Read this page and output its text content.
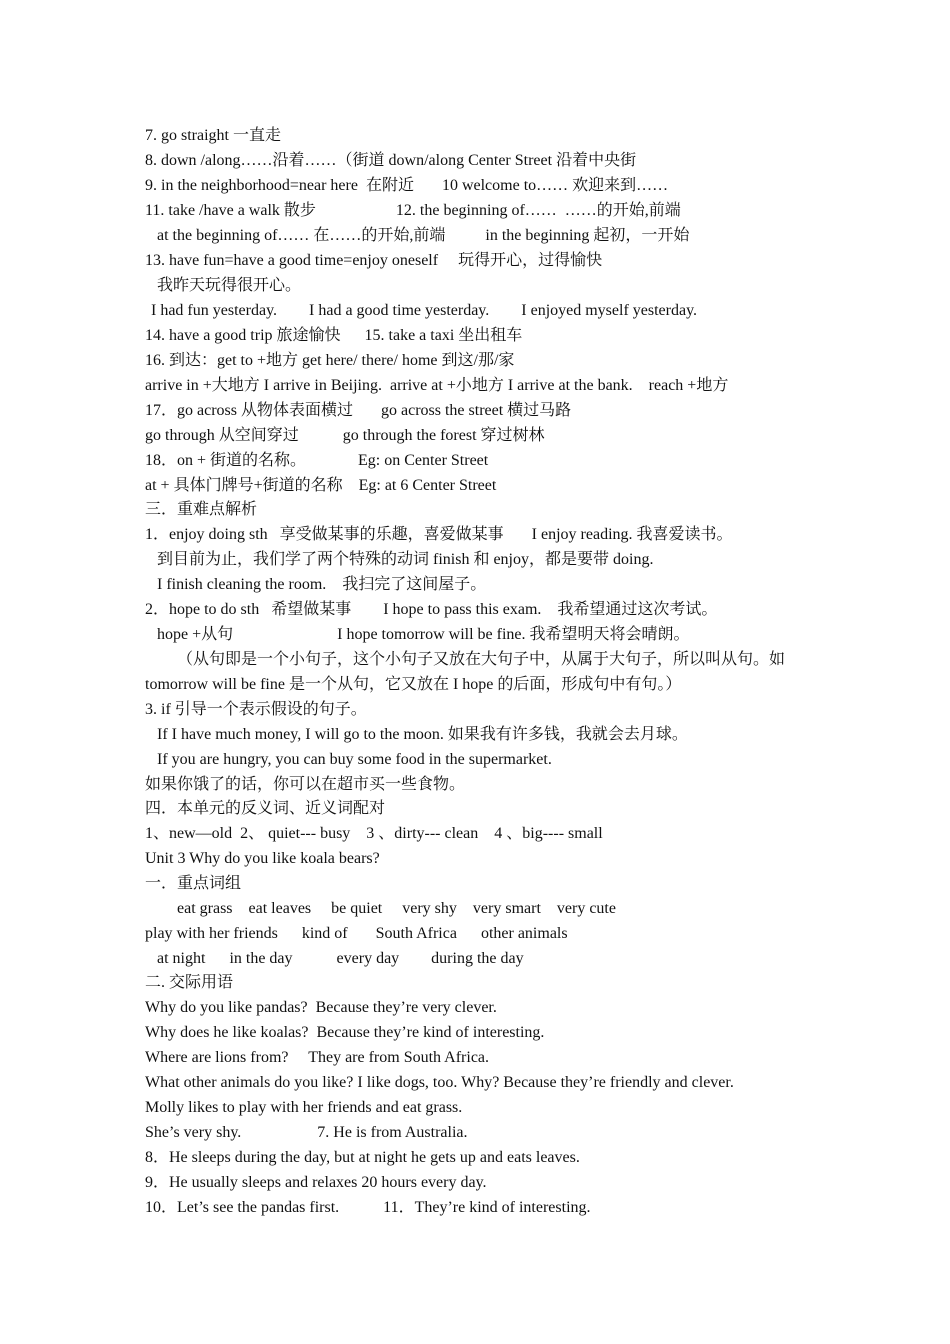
7. go straight 一直走
8. down /along……沿着……（街道 down/along Center Street 沿着中央街
9. in the neighborhood=near here  在附近       10 welcome to…… 欢迎来到……
11. take /have a walk 散步                    12. the beginning of……  ……的开始,前端
at the beginning of…… 在……的开始,前端          in the beginning 起初，一开始
13. have fun=have a good time=enjoy oneself     玩得开心，过得愉快
我昨天玩得很开心。
I had fun yesterday.        I had a good time yesterday.        I enjoyed myself yesterday.
14. have a good trip 旅途愉快      15. take a taxi 坐出租车
16. 到达：get to +地方 get here/ there/ home 到这/那/家
arrive in +大地方 I arrive in Beijing.  arrive at +小地方 I arrive at the bank.    reach +地方
17．go across 从物体表面横过       go across the street 横过马路
go through 从空间穿过           go through the forest 穿过树林
18．on + 街道的名称。             Eg: on Center Street
at + 具体门牌号+街道的名称    Eg: at 6 Center Street
三．重难点解析
1．enjoy doing sth   享受做某事的乐趣，喜爱做某事       I enjoy reading. 我喜爱读书。
到目前为止，我们学了两个特殊的动词 finish 和 enjoy，都是要带 doing.
I finish cleaning the room.    我扫完了这间屋子。
2．hope to do sth   希望做某事        I hope to pass this exam.    我希望通过这次考试。
hope +从句                          I hope tomorrow will be fine. 我希望明天将会晴朗。
（从句即是一个小句子，这个小句子又放在大句子中，从属于大句子，所以叫从句。如
tomorrow will be fine 是一个从句，它又放在 I hope 的后面，形成句中有句。）
3. if 引导一个表示假设的句子。
If I have much money, I will go to the moon. 如果我有许多钱，我就会去月球。
If you are hungry, you can buy some food in the supermarket.
如果你饿了的话，你可以在超市买一些食物。
四．本单元的反义词、近义词配对
1、new—old  2、 quiet--- busy    3 、dirty--- clean    4 、big---- small
Unit 3 Why do you like koala bears?
一．重点词组
eat grass    eat leaves     be quiet     very shy    very smart    very cute
play with her friends      kind of       South Africa      other animals
at night      in the day           every day        during the day
二. 交际用语
Why do you like pandas?  Because they’re very clever.
Why does he like koalas?  Because they’re kind of interesting.
Where are lions from?     They are from South Africa.
What other animals do you like? I like dogs, too. Why? Because they’re friendly and clever.
Molly likes to play with her friends and eat grass.
She’s very shy.                   7. He is from Australia.
8．He sleeps during the day, but at night he gets up and eats leaves.
9．He usually sleeps and relaxes 20 hours every day.
10．Let’s see the pandas first.           11．They’re kind of interesting.
